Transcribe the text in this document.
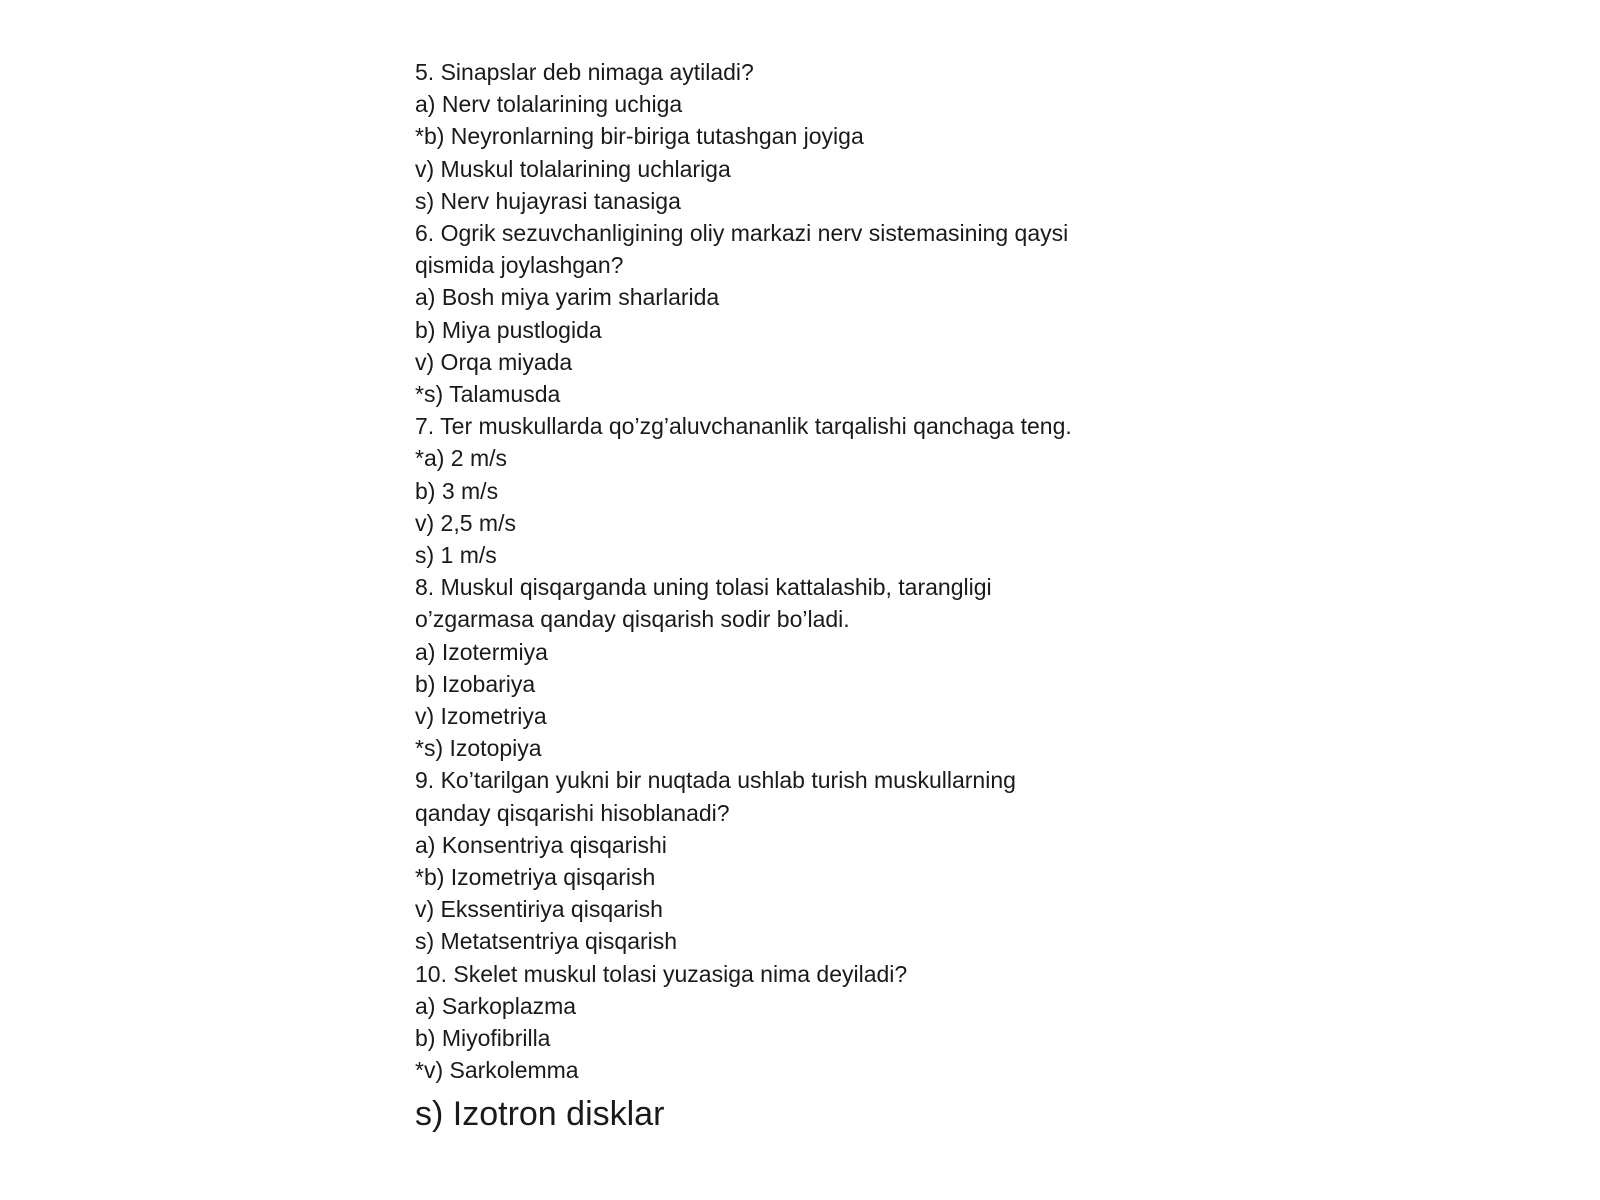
5. Sinapslar deb nimaga aytiladi?
a) Nerv tolalarining uchiga
*b) Neyronlarning bir-biriga tutashgan joyiga
v) Muskul tolalarining uchlariga
s) Nerv hujayrasi tanasiga
6. Ogrik sezuvchanligining oliy markazi nerv sistemasining qaysi
qismida joylashgan?
a) Bosh miya yarim sharlarida
b) Miya pustlogida
v) Orqa miyada
*s) Talamusda
7. Ter muskullarda qo’zg’aluvchananlik tarqalishi qanchaga teng.
*a) 2 m/s
b) 3 m/s
v) 2,5 m/s
s) 1 m/s
8. Muskul qisqarganda uning tolasi kattalashib, tarangligi
o’zgarmasa qanday qisqarish sodir bo’ladi.
a) Izotermiya
b) Izobariya
v) Izometriya
*s) Izotopiya
9. Ko’tarilgan yukni bir nuqtada ushlab turish muskullarning
qanday qisqarishi hisoblanadi?
a) Konsentriya qisqarishi
*b) Izometriya qisqarish
v) Ekssentiriya qisqarish
s) Metatsentriya qisqarish
10. Skelet muskul tolasi yuzasiga nima deyiladi?
a) Sarkoplazma
b) Miyofibrilla
*v) Sarkolemma
s) Izotron disklar
